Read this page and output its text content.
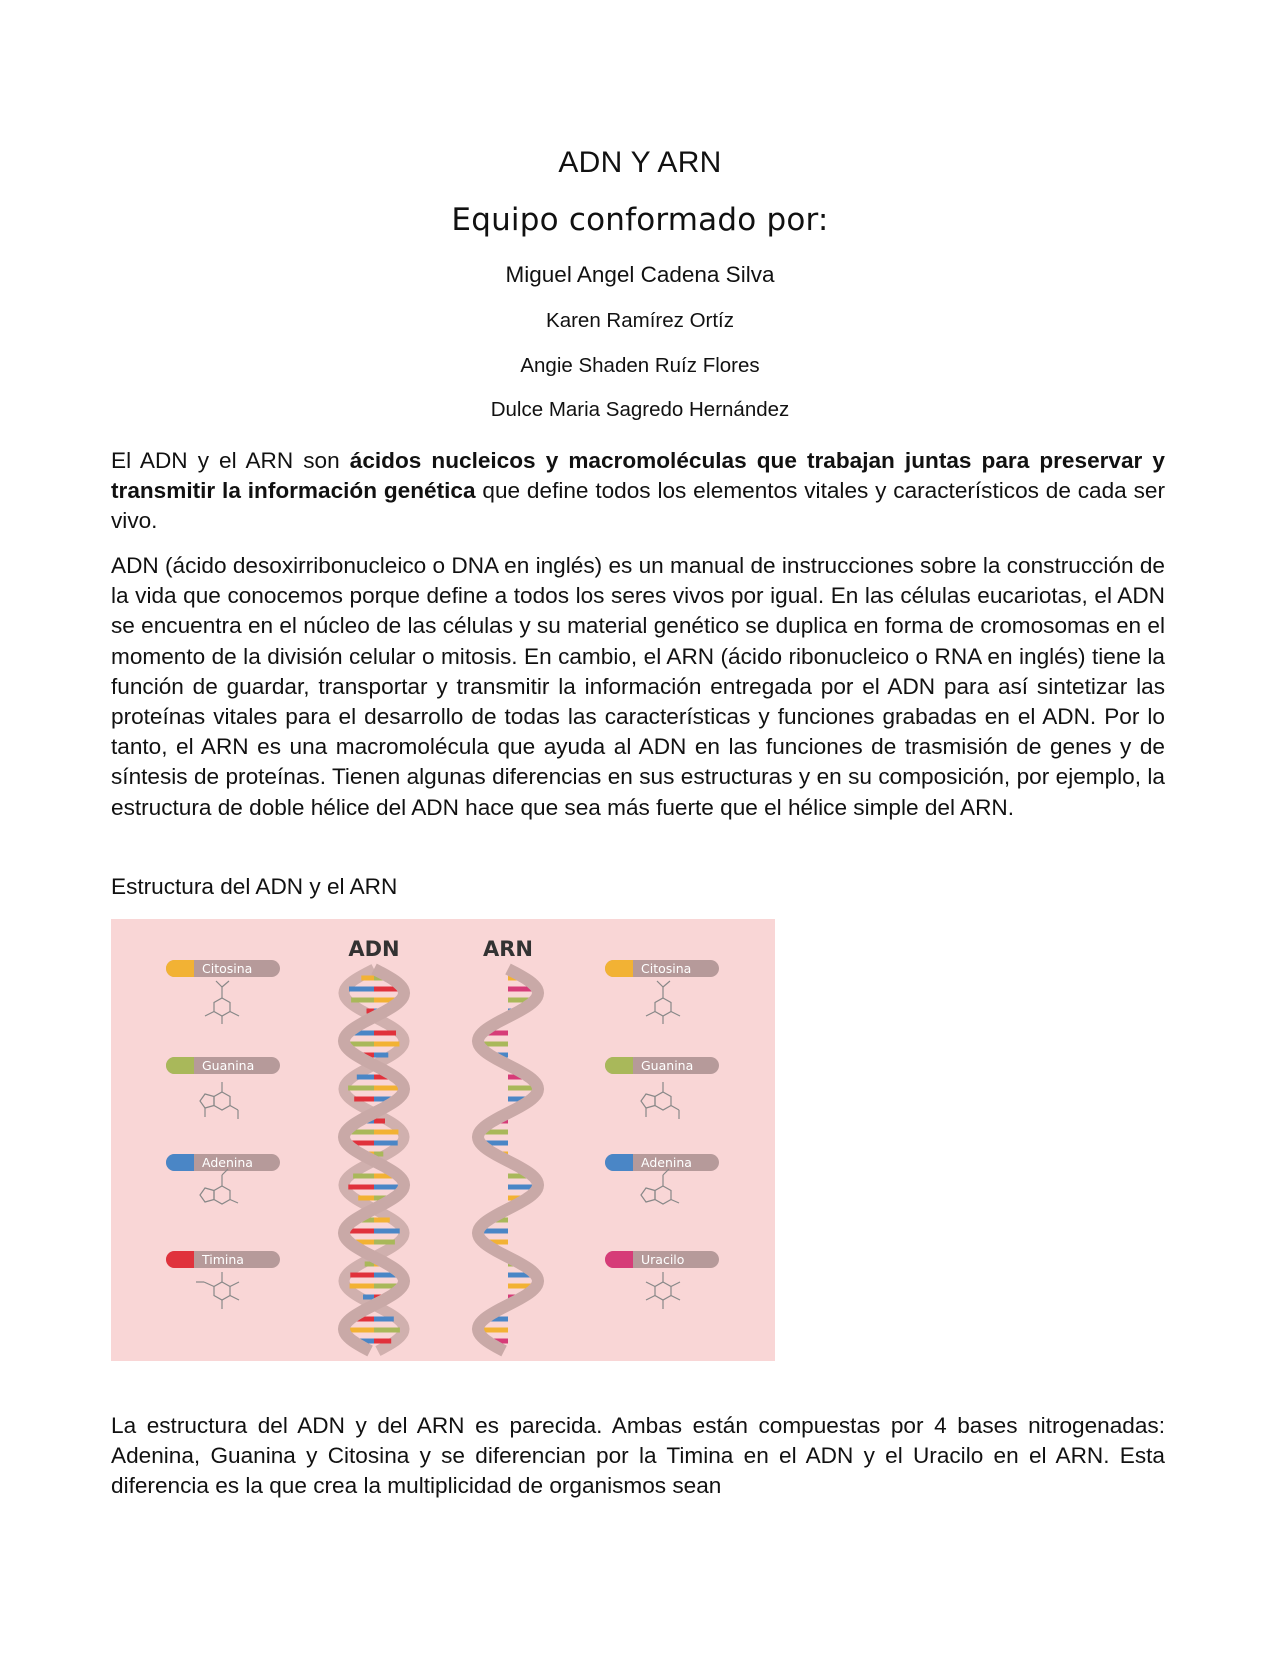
ADN Y ARN
Equipo conformado por:

Miguel Angel Cadena Silva

Karen Ramírez Ortíz

Angie Shaden Ruíz Flores

Dulce Maria Sagredo Hernández

El ADN y el ARN son ácidos nucleicos y macromoléculas que trabajan juntas para preservar y transmitir la información genética que define todos los elementos vitales y característicos de cada ser vivo.

ADN (ácido desoxirribonucleico o DNA en inglés) es un manual de instrucciones sobre la construcción de la vida que conocemos porque define a todos los seres vivos por igual. En las células eucariotas, el ADN se encuentra en el núcleo de las células y su material genético se duplica en forma de cromosomas en el momento de la división celular o mitosis. En cambio, el ARN (ácido ribonucleico o RNA en inglés) tiene la función de guardar, transportar y transmitir la información entregada por el ADN para así sintetizar las proteínas vitales para el desarrollo de todas las características y funciones grabadas en el ADN. Por lo tanto, el ARN es una macromolécula que ayuda al ADN en las funciones de trasmisión de genes y de síntesis de proteínas. Tienen algunas diferencias en sus estructuras y en su composición, por ejemplo, la estructura de doble hélice del ADN hace que sea más fuerte que el hélice simple del ARN.

Estructura del ADN y el ARN

ADN	ARN
Citosina
Guanina
Adenina
Timina
Citosina
Guanina
Adenina
Uracilo

La estructura del ADN y del ARN es parecida. Ambas están compuestas por 4 bases nitrogenadas: Adenina, Guanina y Citosina y se diferencian por la Timina en el ADN y el Uracilo en el ARN. Esta diferencia es la que crea la multiplicidad de organismos sean
